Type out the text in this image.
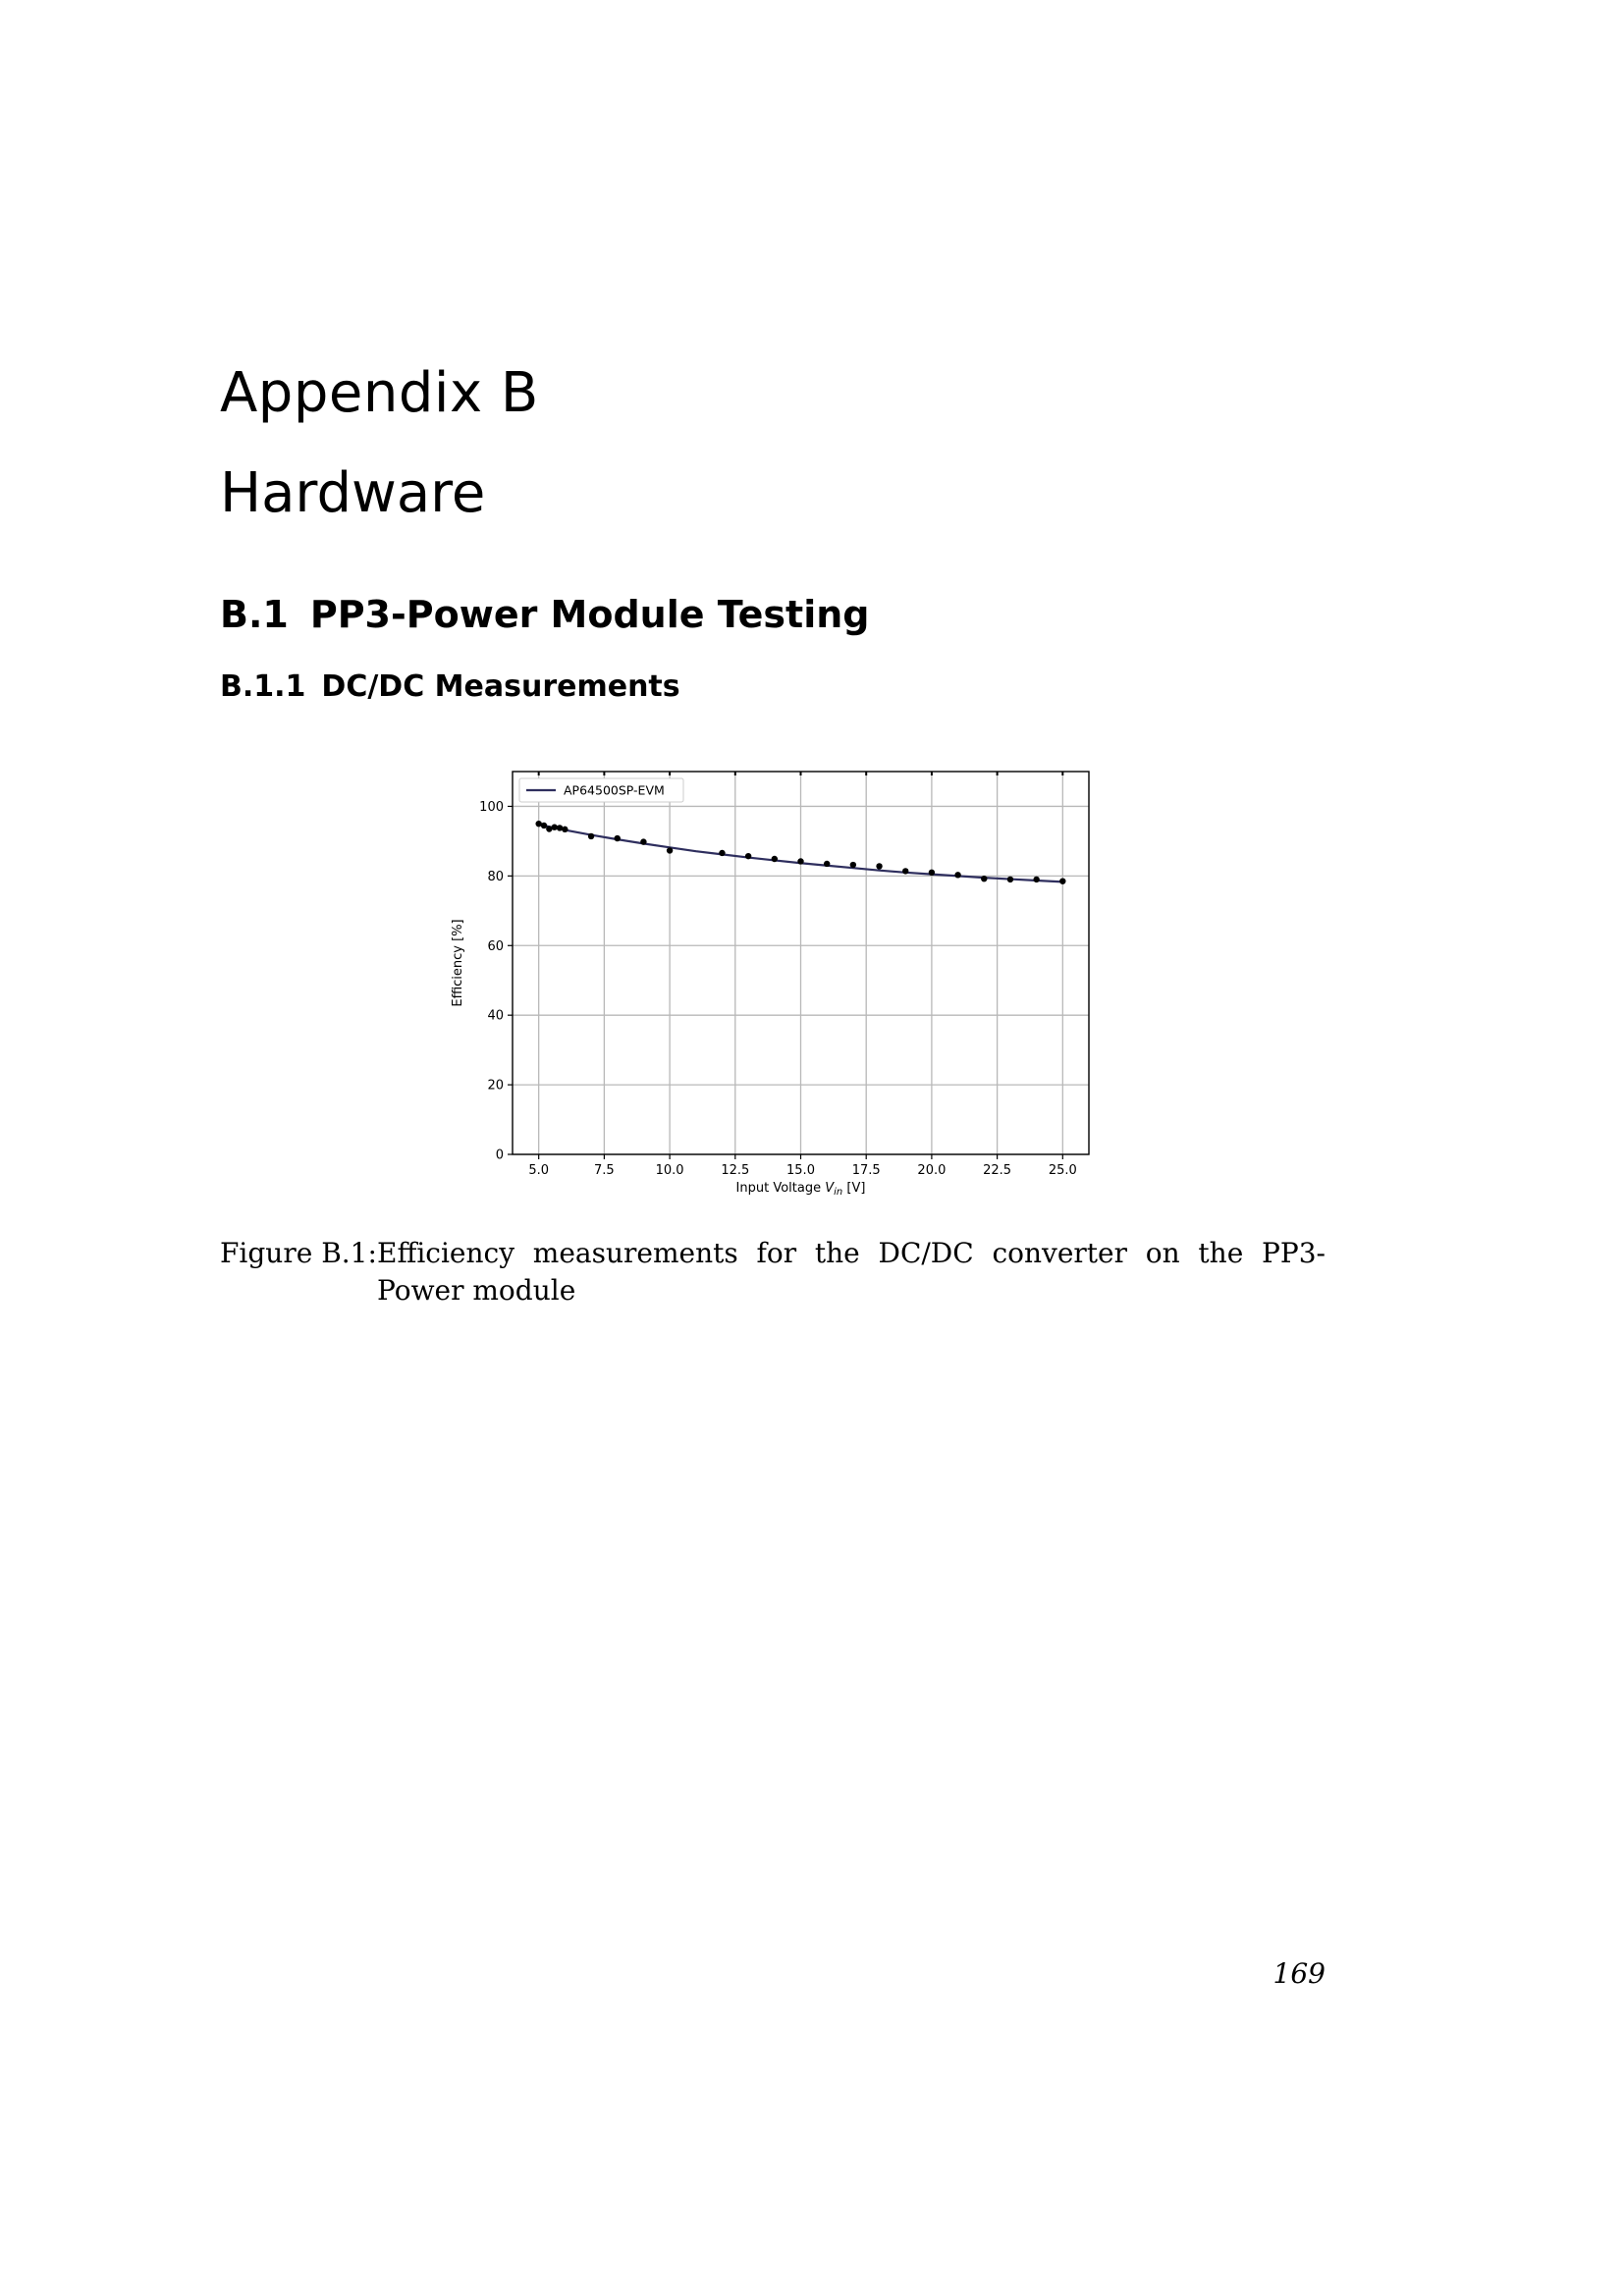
Appendix B
Hardware
B.1 PP3-Power Module Testing
B.1.1 DC/DC Measurements
5.0	7.5	10.0	12.5	15.0	17.5	20.0	22.5	25.0
0
20
40
60
80
100
AP64500SP-EVM
Input Voltage $V_{in}$ [V]
Efficiency [%]
Figure B.1: Efficiency measurements for the DC/DC converter on the PP3-Power module
169
